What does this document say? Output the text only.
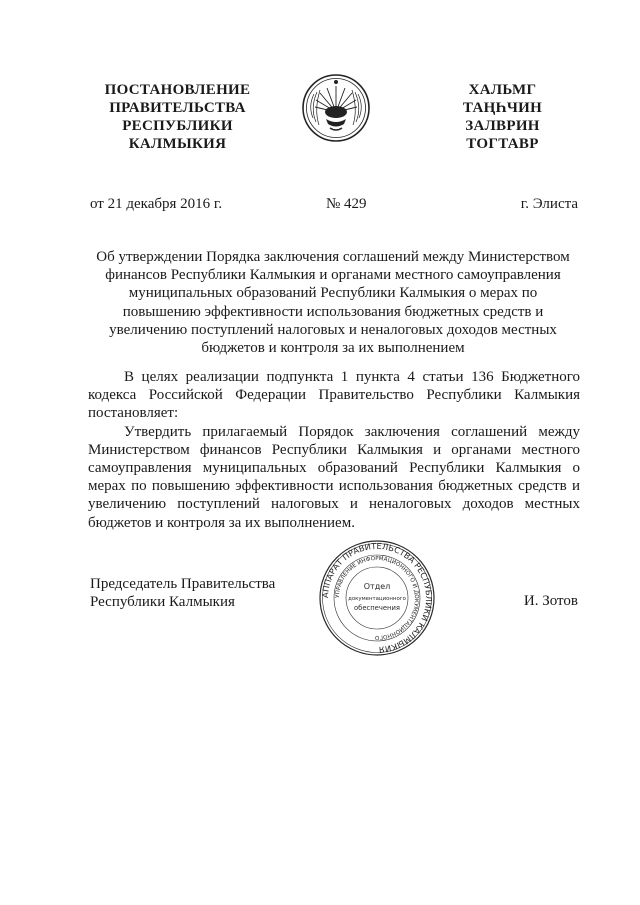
ПОСТАНОВЛЕНИЕ
ПРАВИТЕЛЬСТВА
РЕСПУБЛИКИ
КАЛМЫКИЯ
ХАЛЬМГ
ТАҢҺЧИН
ЗАЛВРИН
ТОГТАВР
от 21 декабря 2016 г.	№ 429	г. Элиста
Об утверждении Порядка заключения соглашений между Министерством финансов Республики Калмыкия и органами местного самоуправления муниципальных образований Республики Калмыкия о мерах по повышению эффективности использования бюджетных средств и увеличению поступлений налоговых и неналоговых доходов местных бюджетов и контроля за их выполнением

В целях реализации подпункта 1 пункта 4 статьи 136 Бюджетного кодекса Российской Федерации Правительство Республики Калмыкия постановляет:

Утвердить прилагаемый Порядок заключения соглашений между Министерством финансов Республики Калмыкия и органами местного самоуправления муниципальных образований Республики Калмыкия о мерах по повышению эффективности использования бюджетных средств и увеличению поступлений налоговых и неналоговых доходов местных бюджетов и контроля за их выполнением.

Председатель Правительства
Республики Калмыкия	И. Зотов
АППАРАТ ПРАВИТЕЛЬСТВА РЕСПУБЛИКИ КАЛМЫКИЯ
УПРАВЛЕНИЕ ИНФОРМАЦИОННОГО И ДОКУМЕНТАЦИОННОГО
Отдел
документационного
обеспечения
